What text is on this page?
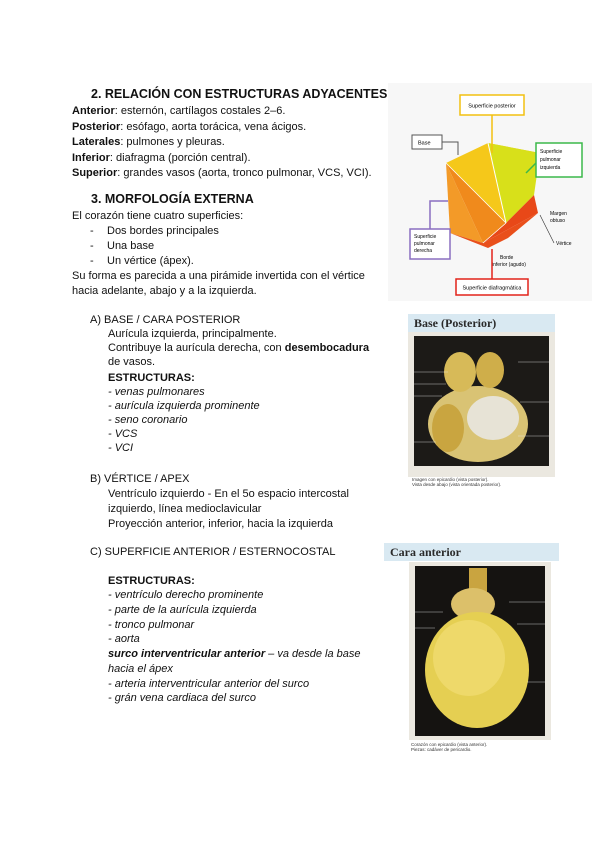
2. RELACIÓN CON ESTRUCTURAS ADYACENTES
Anterior: esternón, cartílagos costales 2–6.
Posterior: esófago, aorta torácica, vena ácigos.
Laterales: pulmones y pleuras.
Inferior: diafragma (porción central).
Superior: grandes vasos (aorta, tronco pulmonar, VCS, VCI).
3. MORFOLOGÍA EXTERNA
El corazón tiene cuatro superficies:
- Dos bordes principales
- Una base
- Un vértice (ápex).
Su forma es parecida a una pirámide invertida con el vértice
hacia adelante, abajo y a la izquierda.
A) BASE / CARA POSTERIOR
Aurícula izquierda, principalmente.
Contribuye la aurícula derecha, con desembocadura
de vasos.
ESTRUCTURAS:
- venas pulmonares
- aurícula izquierda prominente
- seno coronario
- VCS
- VCI
B) VÉRTICE / APEX
Ventrículo izquierdo - En el 5o espacio intercostal
izquierdo, línea medioclavicular
Proyección anterior, inferior, hacia la izquierda
C) SUPERFICIE ANTERIOR / ESTERNOCOSTAL
ESTRUCTURAS:
- ventrículo derecho prominente
- parte de la aurícula izquierda
- tronco pulmonar
- aorta
surco interventricular anterior – va desde la base
hacia el ápex
- arteria interventricular anterior del surco
- grán vena cardiaca del surco
Superficie posterior
Base
Superficie pulmonar izquierda
Margen obtuso
Vértice
Superficie pulmonar derecha
Borde inferior (agudo)
Superficie diafragmática
Base (Posterior)
Imagen con epicardio (vista posterior).
Vista desde abajo (vista orientada posterior).
Cara anterior
Corazón con epicardio (vista anterior).
Piezas: cadáver de pericardio.
